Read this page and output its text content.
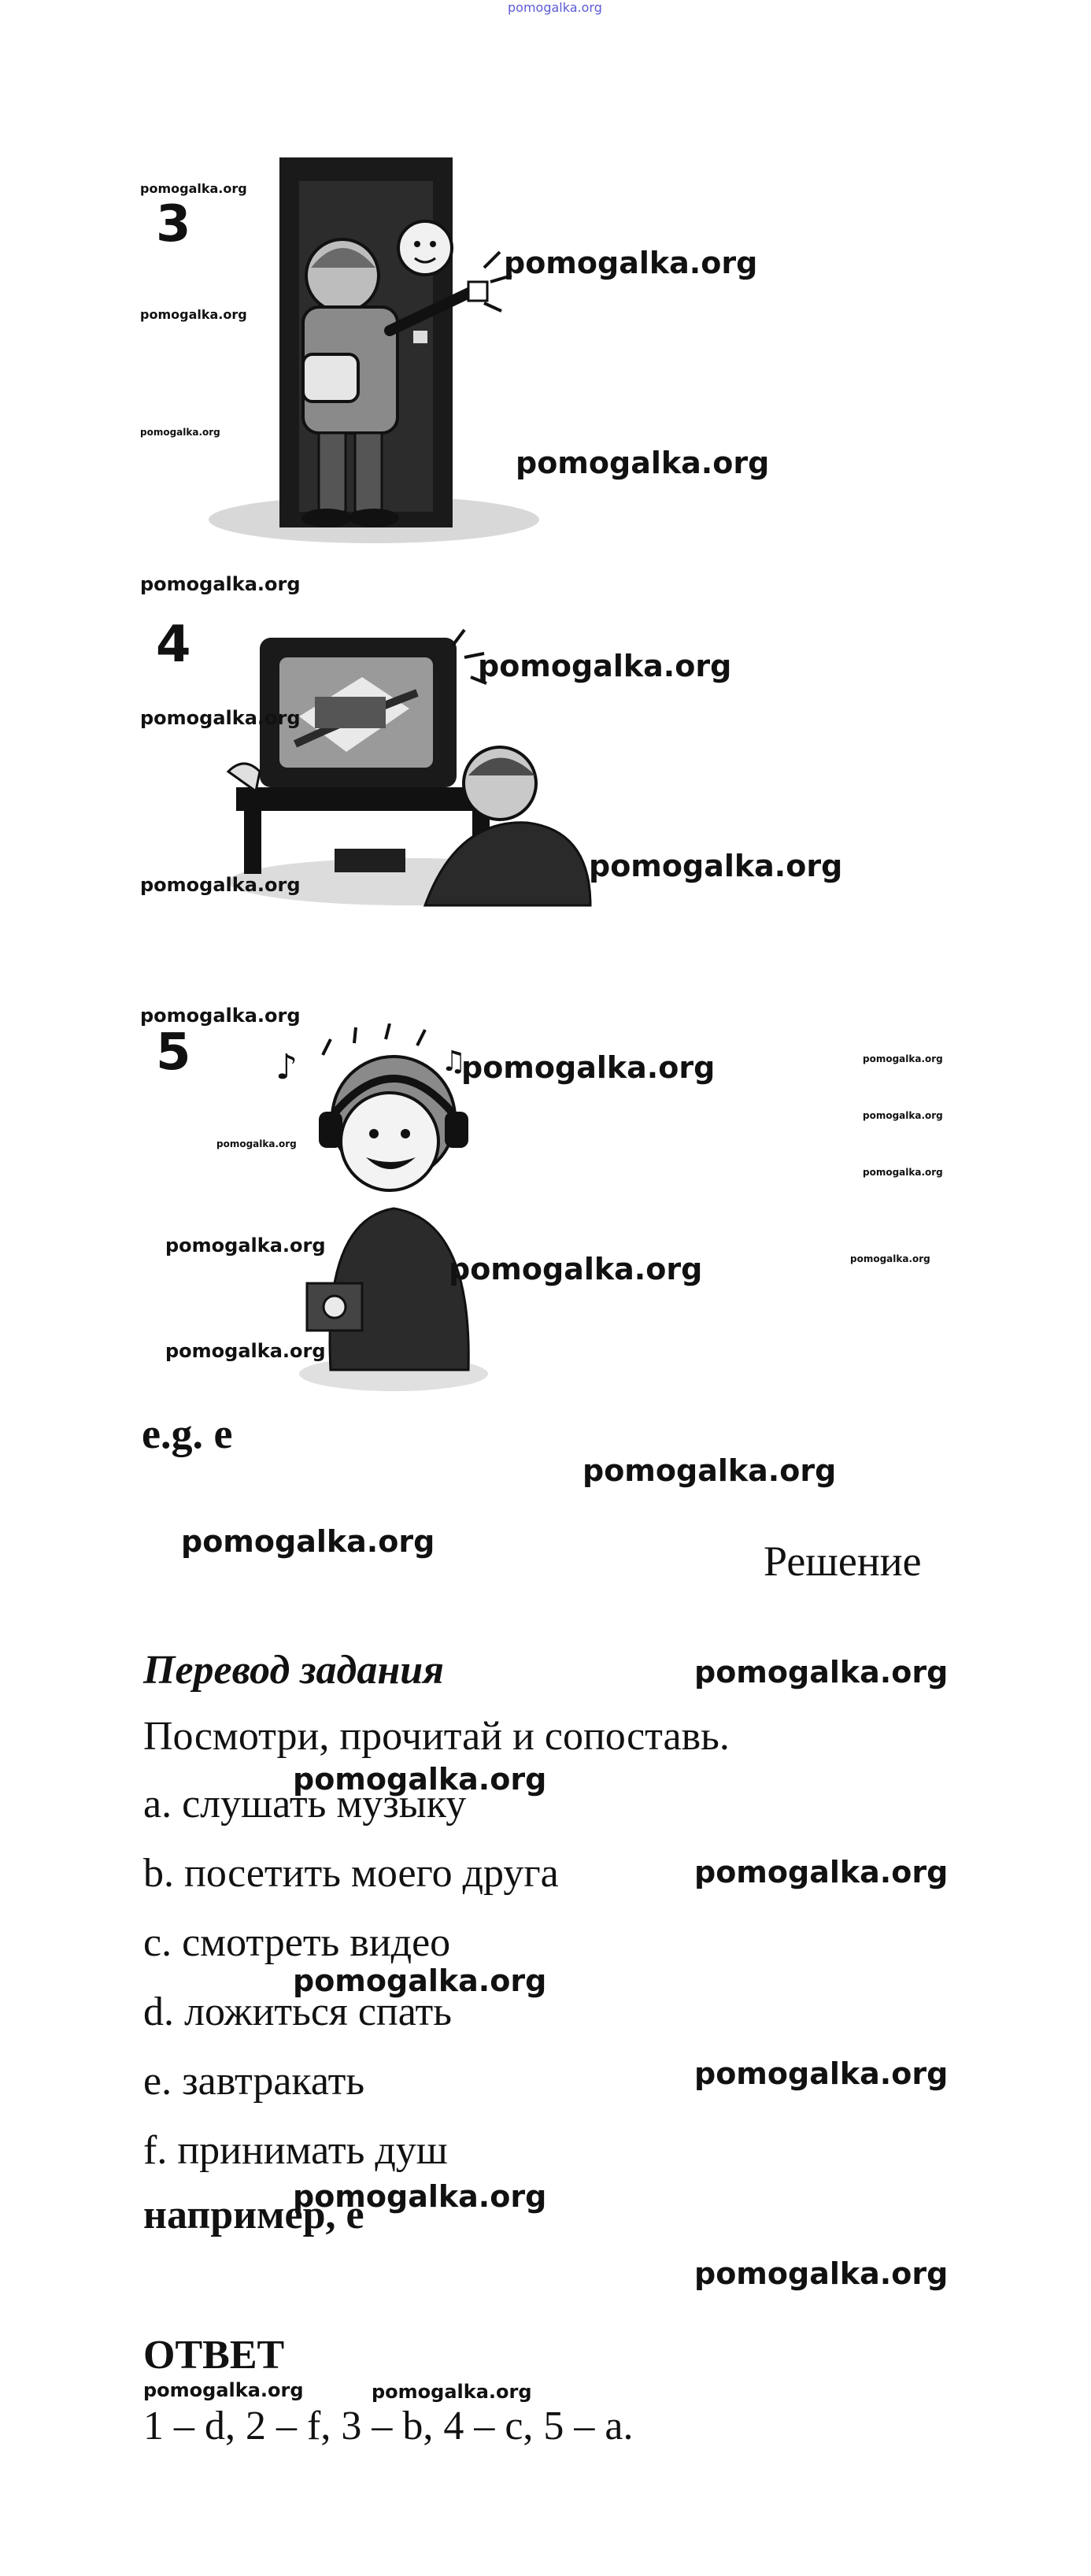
pomogalka.org
3
4
5 ♪	♫
e.g. e
Решение
Перевод задания
Посмотри, прочитай и сопоставь.
a. слушать музыку
b. посетить моего друга
c. смотреть видео
d. ложиться спать
e. завтракать
f. принимать душ
например, е
ОТВЕТ
1 – d, 2 – f, 3 – b, 4 – c, 5 – a.
pomogalka.org
pomogalka.org
pomogalka.org
pomogalka.org
pomogalka.org
pomogalka.org
pomogalka.org
pomogalka.org
pomogalka.org
pomogalka.org
pomogalka.org
pomogalka.org	pomogalka.org
pomogalka.org
pomogalka.org
pomogalka.org
pomogalka.org
pomogalka.org	pomogalka.org
pomogalka.org
pomogalka.org
pomogalka.org
pomogalka.org
pomogalka.org
pomogalka.org
pomogalka.org
pomogalka.org
pomogalka.org
pomogalka.org
pomogalka.org	pomogalka.org
